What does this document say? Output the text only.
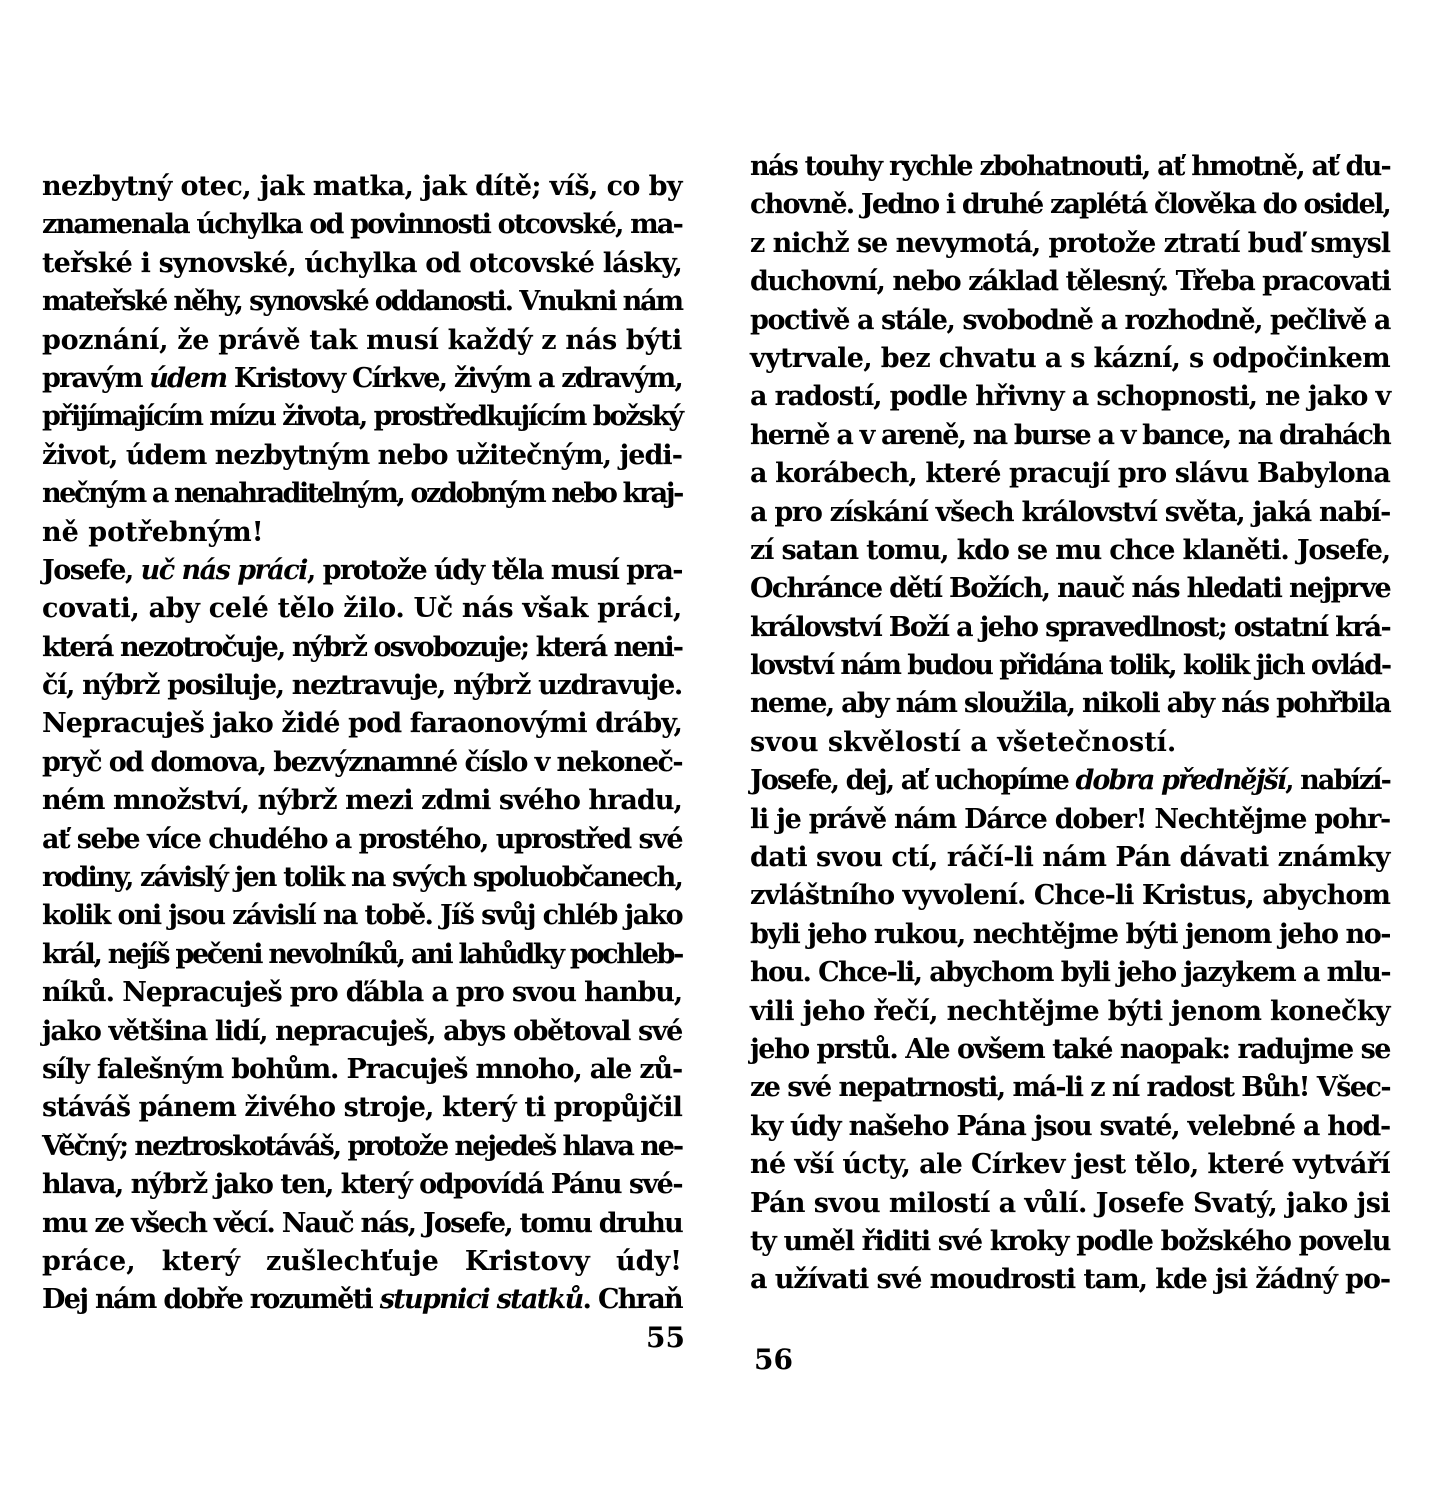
nezbytný otec, jak matka, jak dítě; víš, co by
znamenala úchylka od povinnosti otcovské, ma-
teřské i synovské, úchylka od otcovské lásky,
mateřské něhy, synovské oddanosti. Vnukni nám
poznání, že právě tak musí každý z nás býti
pravým údem Kristovy Církve, živým a zdravým,
přijímajícím mízu života, prostředkujícím božský
život, údem nezbytným nebo užitečným, jedi-
nečným a nenahraditelným, ozdobným nebo kraj-
ně potřebným!
Josefe, uč nás práci, protože údy těla musí pra-
covati, aby celé tělo žilo. Uč nás však práci,
která nezotročuje, nýbrž osvobozuje; která neni-
čí, nýbrž posiluje, neztravuje, nýbrž uzdravuje.
Nepracuješ jako židé pod faraonovými dráby,
pryč od domova, bezvýznamné číslo v nekoneč-
ném množství, nýbrž mezi zdmi svého hradu,
ať sebe více chudého a prostého, uprostřed své
rodiny, závislý jen tolik na svých spoluobčanech,
kolik oni jsou závislí na tobě. Jíš svůj chléb jako
král, nejíš pečeni nevolníků, ani lahůdky pochleb-
níků. Nepracuješ pro ďábla a pro svou hanbu,
jako většina lidí, nepracuješ, abys obětoval své
síly falešným bohům. Pracuješ mnoho, ale zů-
stáváš pánem živého stroje, který ti propůjčil
Věčný; neztroskotáváš, protože nejedeš hlava ne-
hlava, nýbrž jako ten, který odpovídá Pánu své-
mu ze všech věcí. Nauč nás, Josefe, tomu druhu
práce, který zušlechťuje Kristovy údy!
Dej nám dobře rozuměti stupnici statků. Chraň
55
nás touhy rychle zbohatnouti, ať hmotně, ať du-
chovně. Jedno i druhé zaplétá člověka do osidel,
z nichž se nevymotá, protože ztratí buď smysl
duchovní, nebo základ tělesný. Třeba pracovati
poctivě a stále, svobodně a rozhodně, pečlivě a
vytrvale, bez chvatu a s kázní, s odpočinkem
a radostí, podle hřivny a schopnosti, ne jako v
herně a v areně, na burse a v bance, na drahách
a korábech, které pracují pro slávu Babylona
a pro získání všech království světa, jaká nabí-
zí satan tomu, kdo se mu chce klaněti. Josefe,
Ochránce dětí Božích, nauč nás hledati nejprve
království Boží a jeho spravedlnost; ostatní krá-
lovství nám budou přidána tolik, kolik jich ovlád-
neme, aby nám sloužila, nikoli aby nás pohřbila
svou skvělostí a všetečností.
Josefe, dej, ať uchopíme dobra přednější, nabízí-
li je právě nám Dárce dober! Nechtějme pohr-
dati svou ctí, ráčí-li nám Pán dávati známky
zvláštního vyvolení. Chce-li Kristus, abychom
byli jeho rukou, nechtějme býti jenom jeho no-
hou. Chce-li, abychom byli jeho jazykem a mlu-
vili jeho řečí, nechtějme býti jenom konečky
jeho prstů. Ale ovšem také naopak: radujme se
ze své nepatrnosti, má-li z ní radost Bůh! Všec-
ky údy našeho Pána jsou svaté, velebné a hod-
né vší úcty, ale Církev jest tělo, které vytváří
Pán svou milostí a vůlí. Josefe Svatý, jako jsi
ty uměl řiditi své kroky podle božského povelu
a užívati své moudrosti tam, kde jsi žádný po-
56
